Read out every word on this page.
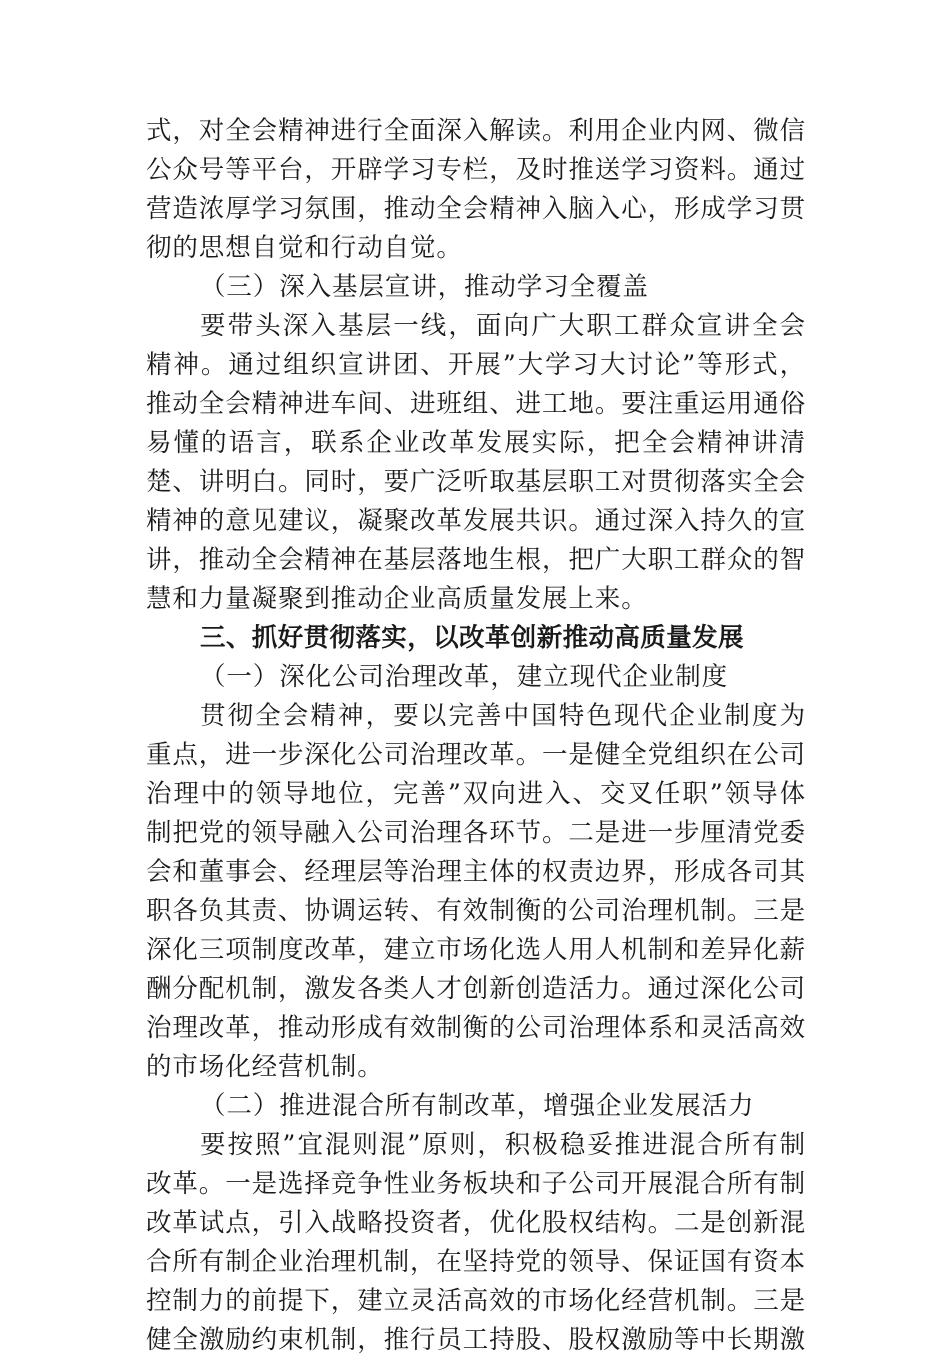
式，对全会精神进行全面深入解读。利用企业内网、微信公众号等平台，开辟学习专栏，及时推送学习资料。通过营造浓厚学习氛围，推动全会精神入脑入心，形成学习贯彻的思想自觉和行动自觉。

（三）深入基层宣讲，推动学习全覆盖

要带头深入基层一线，面向广大职工群众宣讲全会精神。通过组织宣讲团、开展”大学习大讨论”等形式，推动全会精神进车间、进班组、进工地。要注重运用通俗易懂的语言，联系企业改革发展实际，把全会精神讲清楚、讲明白。同时，要广泛听取基层职工对贯彻落实全会精神的意见建议，凝聚改革发展共识。通过深入持久的宣讲，推动全会精神在基层落地生根，把广大职工群众的智慧和力量凝聚到推动企业高质量发展上来。

三、抓好贯彻落实，以改革创新推动高质量发展

（一）深化公司治理改革，建立现代企业制度

贯彻全会精神，要以完善中国特色现代企业制度为重点，进一步深化公司治理改革。一是健全党组织在公司治理中的领导地位，完善”双向进入、交叉任职”领导体制把党的领导融入公司治理各环节。二是进一步厘清党委会和董事会、经理层等治理主体的权责边界，形成各司其职各负其责、协调运转、有效制衡的公司治理机制。三是深化三项制度改革，建立市场化选人用人机制和差异化薪酬分配机制，激发各类人才创新创造活力。通过深化公司治理改革，推动形成有效制衡的公司治理体系和灵活高效的市场化经营机制。

（二）推进混合所有制改革，增强企业发展活力

要按照”宜混则混”原则，积极稳妥推进混合所有制改革。一是选择竞争性业务板块和子公司开展混合所有制改革试点，引入战略投资者，优化股权结构。二是创新混合所有制企业治理机制，在坚持党的领导、保证国有资本控制力的前提下，建立灵活高效的市场化经营机制。三是健全激励约束机制，推行员工持股、股权激励等中长期激
